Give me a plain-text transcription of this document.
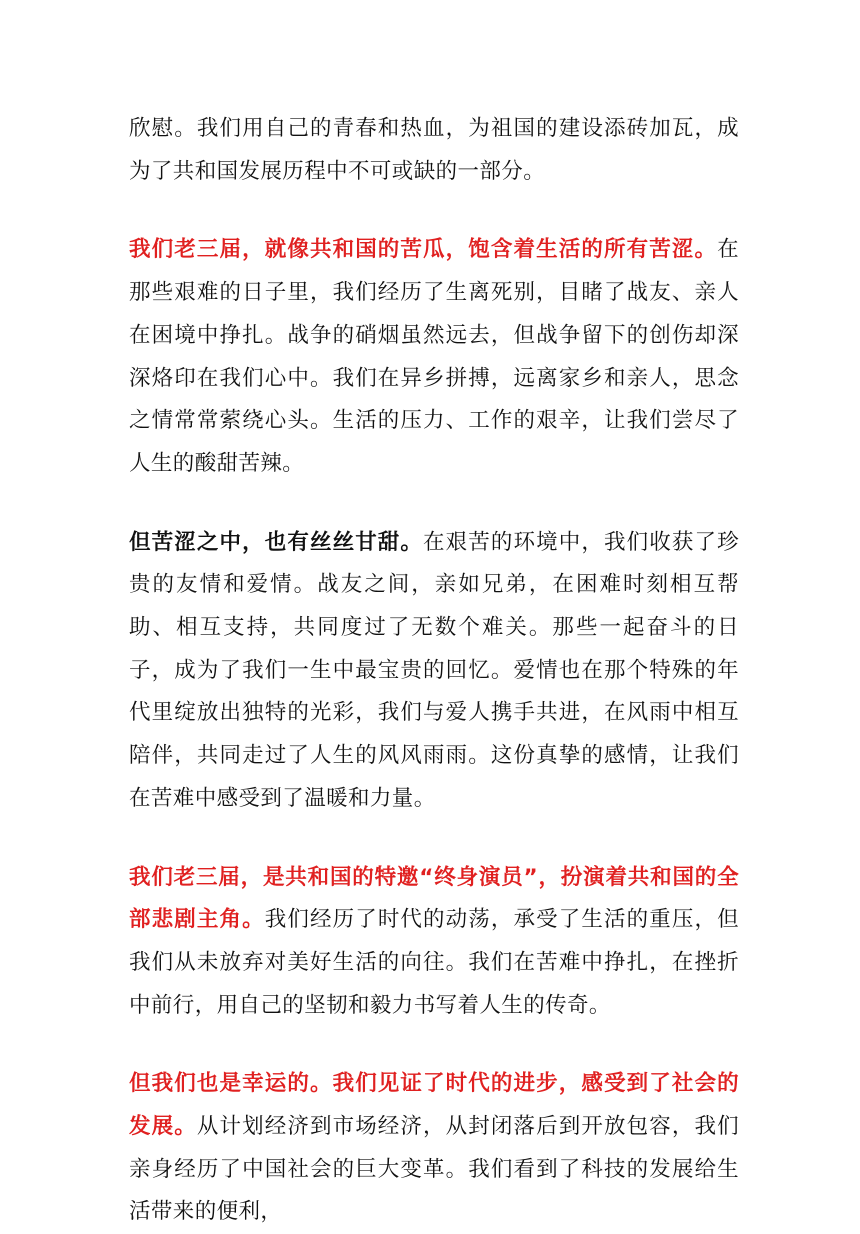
欣慰。我们用自己的青春和热血，为祖国的建设添砖加瓦，成为了共和国发展历程中不可或缺的一部分。

我们老三届，就像共和国的苦瓜，饱含着生活的所有苦涩。在那些艰难的日子里，我们经历了生离死别，目睹了战友、亲人在困境中挣扎。战争的硝烟虽然远去，但战争留下的创伤却深深烙印在我们心中。我们在异乡拼搏，远离家乡和亲人，思念之情常常萦绕心头。生活的压力、工作的艰辛，让我们尝尽了人生的酸甜苦辣。

但苦涩之中，也有丝丝甘甜。在艰苦的环境中，我们收获了珍贵的友情和爱情。战友之间，亲如兄弟，在困难时刻相互帮助、相互支持，共同度过了无数个难关。那些一起奋斗的日子，成为了我们一生中最宝贵的回忆。爱情也在那个特殊的年代里绽放出独特的光彩，我们与爱人携手共进，在风雨中相互陪伴，共同走过了人生的风风雨雨。这份真挚的感情，让我们在苦难中感受到了温暖和力量。

我们老三届，是共和国的特邀“终身演员”，扮演着共和国的全部悲剧主角。我们经历了时代的动荡，承受了生活的重压，但我们从未放弃对美好生活的向往。我们在苦难中挣扎，在挫折中前行，用自己的坚韧和毅力书写着人生的传奇。

但我们也是幸运的。我们见证了时代的进步，感受到了社会的发展。从计划经济到市场经济，从封闭落后到开放包容，我们亲身经历了中国社会的巨大变革。我们看到了科技的发展给生活带来的便利，
